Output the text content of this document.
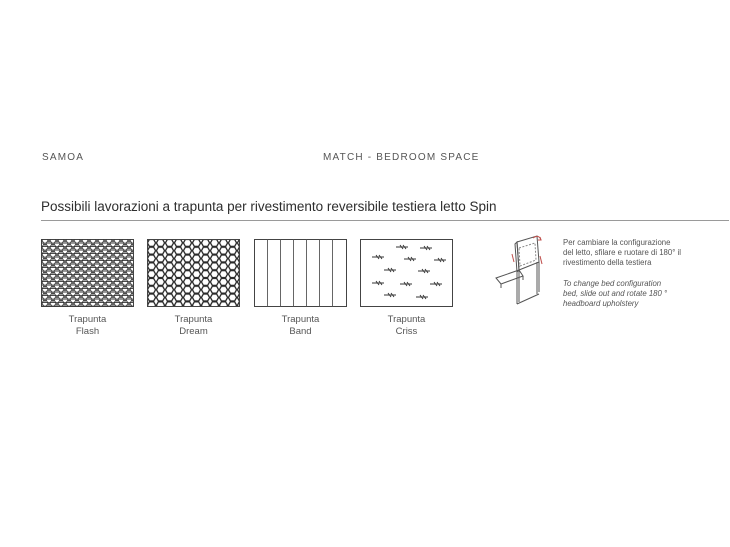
SAMOA	MATCH - BEDROOM SPACE
Possibili lavorazioni a trapunta per rivestimento reversibile testiera letto Spin
Trapunta
Flash
Trapunta
Dream
Trapunta
Band
Trapunta
Criss
Per cambiare la configurazione
del letto, sfilare e ruotare di 180° il
rivestimento della testiera
To change bed configuration
bed, slide out and rotate 180 °
headboard upholstery
